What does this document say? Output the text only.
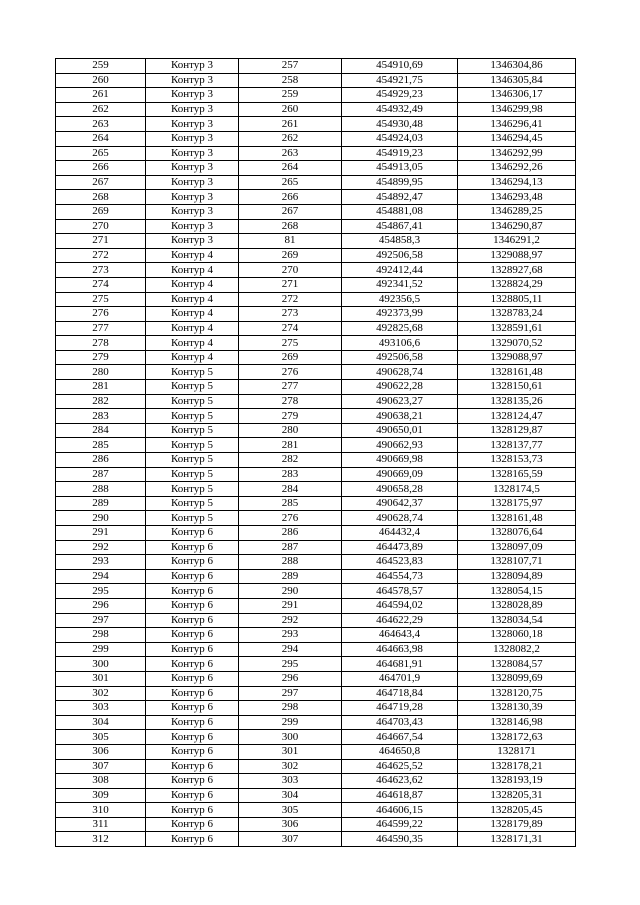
259	Контур 3	257	454910,69	1346304,86
260	Контур 3	258	454921,75	1346305,84
261	Контур 3	259	454929,23	1346306,17
262	Контур 3	260	454932,49	1346299,98
263	Контур 3	261	454930,48	1346296,41
264	Контур 3	262	454924,03	1346294,45
265	Контур 3	263	454919,23	1346292,99
266	Контур 3	264	454913,05	1346292,26
267	Контур 3	265	454899,95	1346294,13
268	Контур 3	266	454892,47	1346293,48
269	Контур 3	267	454881,08	1346289,25
270	Контур 3	268	454867,41	1346290,87
271	Контур 3	81	454858,3	1346291,2
272	Контур 4	269	492506,58	1329088,97
273	Контур 4	270	492412,44	1328927,68
274	Контур 4	271	492341,52	1328824,29
275	Контур 4	272	492356,5	1328805,11
276	Контур 4	273	492373,99	1328783,24
277	Контур 4	274	492825,68	1328591,61
278	Контур 4	275	493106,6	1329070,52
279	Контур 4	269	492506,58	1329088,97
280	Контур 5	276	490628,74	1328161,48
281	Контур 5	277	490622,28	1328150,61
282	Контур 5	278	490623,27	1328135,26
283	Контур 5	279	490638,21	1328124,47
284	Контур 5	280	490650,01	1328129,87
285	Контур 5	281	490662,93	1328137,77
286	Контур 5	282	490669,98	1328153,73
287	Контур 5	283	490669,09	1328165,59
288	Контур 5	284	490658,28	1328174,5
289	Контур 5	285	490642,37	1328175,97
290	Контур 5	276	490628,74	1328161,48
291	Контур 6	286	464432,4	1328076,64
292	Контур 6	287	464473,89	1328097,09
293	Контур 6	288	464523,83	1328107,71
294	Контур 6	289	464554,73	1328094,89
295	Контур 6	290	464578,57	1328054,15
296	Контур 6	291	464594,02	1328028,89
297	Контур 6	292	464622,29	1328034,54
298	Контур 6	293	464643,4	1328060,18
299	Контур 6	294	464663,98	1328082,2
300	Контур 6	295	464681,91	1328084,57
301	Контур 6	296	464701,9	1328099,69
302	Контур 6	297	464718,84	1328120,75
303	Контур 6	298	464719,28	1328130,39
304	Контур 6	299	464703,43	1328146,98
305	Контур 6	300	464667,54	1328172,63
306	Контур 6	301	464650,8	1328171
307	Контур 6	302	464625,52	1328178,21
308	Контур 6	303	464623,62	1328193,19
309	Контур 6	304	464618,87	1328205,31
310	Контур 6	305	464606,15	1328205,45
311	Контур 6	306	464599,22	1328179,89
312	Контур 6	307	464590,35	1328171,31
